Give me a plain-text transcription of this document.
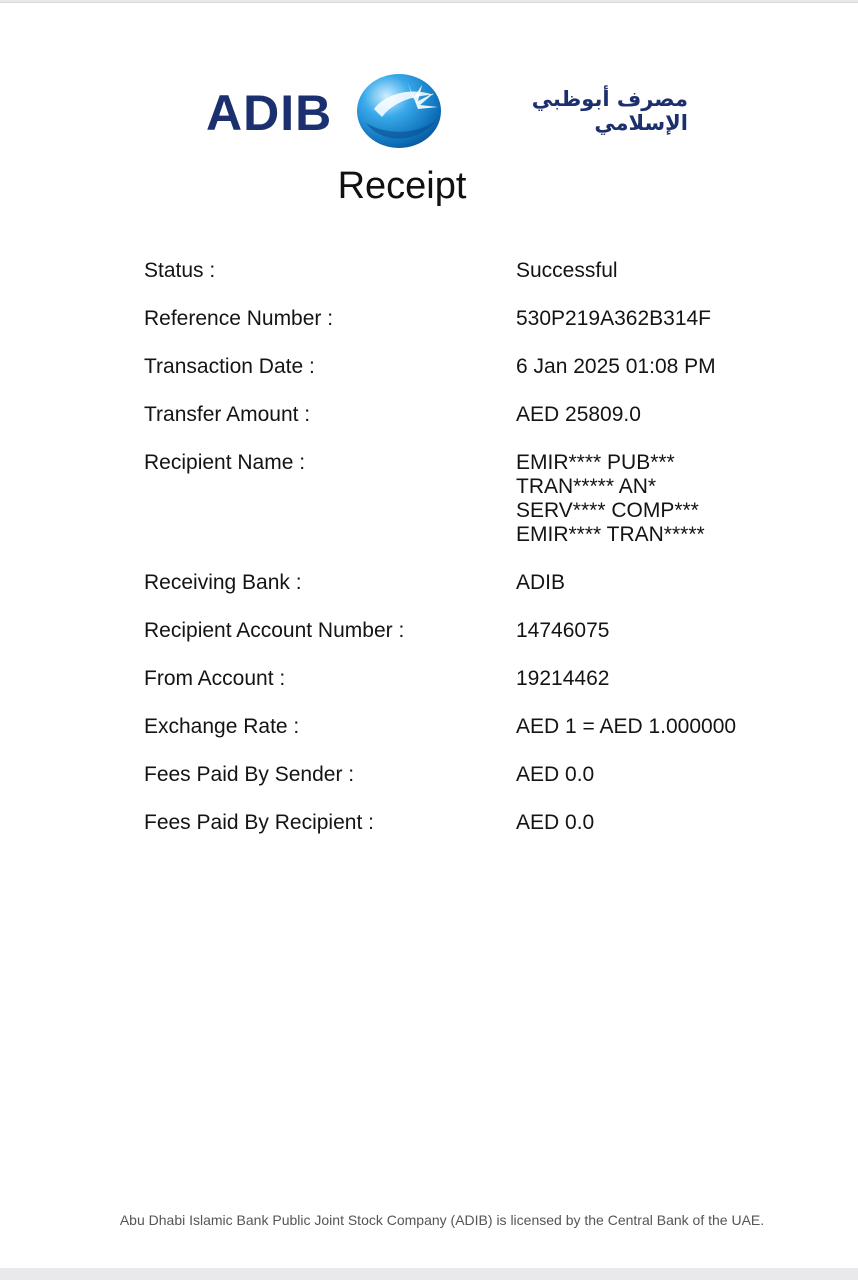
ADIB	مصرف أبوظبي
الإسلامي
Receipt
Status :	Successful
Reference Number :	530P219A362B314F
Transaction Date :	6 Jan 2025 01:08 PM
Transfer Amount :	AED 25809.0
Recipient Name :	EMIR**** PUB***
TRAN***** AN*
SERV**** COMP***
EMIR**** TRAN*****
Receiving Bank :	ADIB
Recipient Account Number :	14746075
From Account :	19214462
Exchange Rate :	AED 1 = AED 1.000000
Fees Paid By Sender :	AED 0.0
Fees Paid By Recipient :	AED 0.0
Abu Dhabi Islamic Bank Public Joint Stock Company (ADIB) is licensed by the Central Bank of the UAE.
